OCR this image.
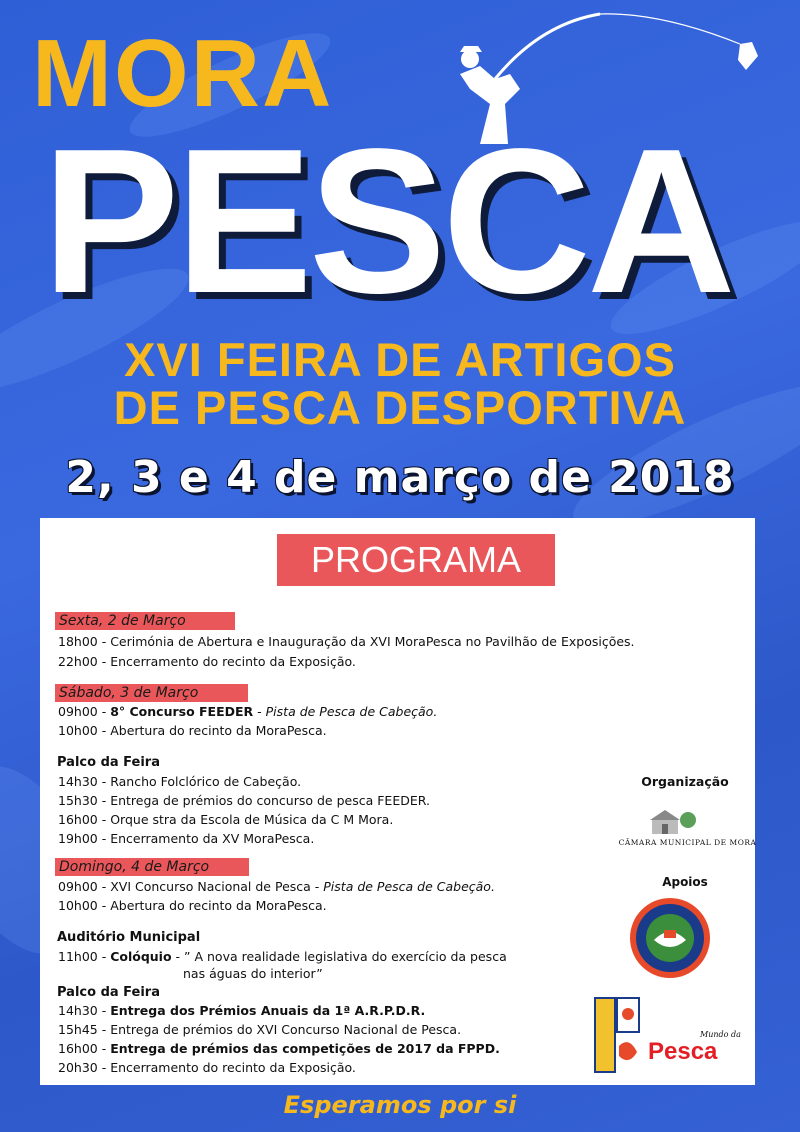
MORA
PESCA
XVI FEIRA DE ARTIGOS
DE PESCA DESPORTIVA
2, 3 e 4 de março de 2018
PROGRAMA
Sexta, 2 de Março
18h00 - Cerimónia de Abertura e Inauguração da XVI MoraPesca no Pavilhão de Exposições.
22h00 - Encerramento do recinto da Exposição.
Sábado, 3 de Março
09h00 - 8° Concurso FEEDER - Pista de Pesca de Cabeção.
10h00 - Abertura do recinto da MoraPesca.
Palco da Feira
14h30 - Rancho Folclórico de Cabeção.
15h30 - Entrega de prémios do concurso de pesca FEEDER.
16h00 - Orque stra da Escola de Música da C M Mora.
19h00 - Encerramento da XV MoraPesca.
Domingo, 4 de Março
09h00 - XVI Concurso Nacional de Pesca - Pista de Pesca de Cabeção.
10h00 - Abertura do recinto da MoraPesca.
Auditório Municipal
11h00 - Colóquio - ” A nova realidade legislativa do exercício da pesca
nas águas do interior”
Palco da Feira
14h30 - Entrega dos Prémios Anuais da 1ª A.R.P.D.R.
15h45 - Entrega de prémios do XVI Concurso Nacional de Pesca.
16h00 - Entrega de prémios das competições de 2017 da FPPD.
20h30 - Encerramento do recinto da Exposição.
Organização
CÂMARA MUNICIPAL DE MORA
Apoios
Mundo da
Pesca
Esperamos por si
